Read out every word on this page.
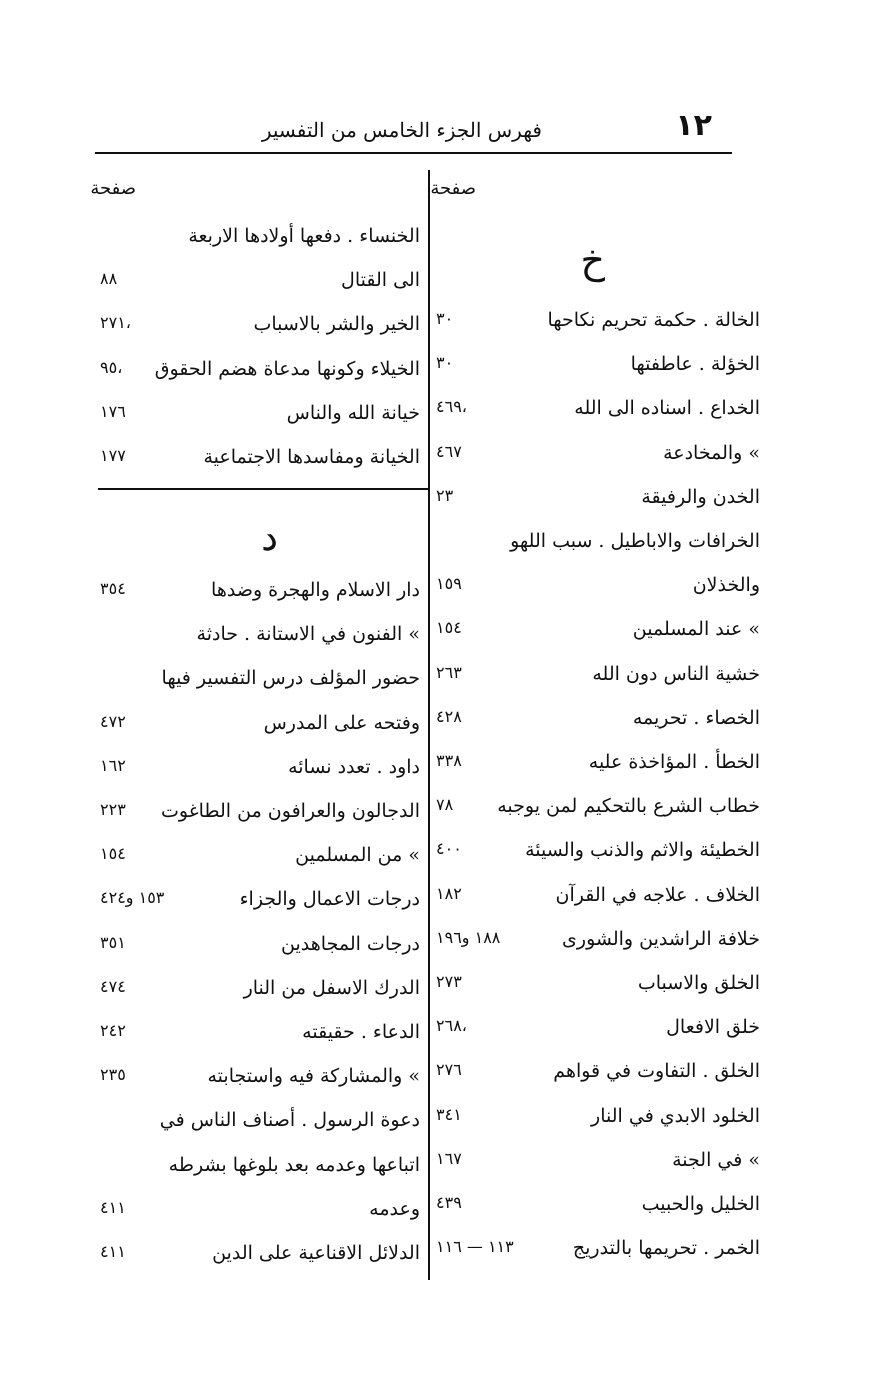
١٢
فهرس الجزء الخامس من التفسير
صفحة
صفحة
خ
الخالة . حكمة تحريم نكاحها
٣٠
الخؤلة . عاطفتها
٣٠
الخداع . اسناده الى الله
٤٦٩،
» والمخادعة
٤٦٧
الخدن والرفيقة
٢٣
الخرافات والاباطيل . سبب اللهو
والخذلان
١٥٩
» عند المسلمين
١٥٤
خشية الناس دون الله
٢٦٣
الخصاء . تحريمه
٤٢٨
الخطأ . المؤاخذة عليه
٣٣٨
خطاب الشرع بالتحكيم لمن يوجبه
٧٨
الخطيئة والاثم والذنب والسيئة
٤٠٠
الخلاف . علاجه في القرآن
١٨٢
خلافة الراشدين والشورى
١٨٨ و١٩٦
الخلق والاسباب
٢٧٣
خلق الافعال
٢٦٨،
الخلق . التفاوت في قواهم
٢٧٦
الخلود الابدي في النار
٣٤١
» في الجنة
١٦٧
الخليل والحبيب
٤٣٩
الخمر . تحريمها بالتدريج
١١٣ — ١١٦
د
الخنساء . دفعها أولادها الاربعة
الى القتال
٨٨
الخير والشر بالاسباب
٢٧١،
الخيلاء وكونها مدعاة هضم الحقوق
٩٥،
خيانة الله والناس
١٧٦
الخيانة ومفاسدها الاجتماعية
١٧٧
دار الاسلام والهجرة وضدها
٣٥٤
» الفنون في الاستانة . حادثة
حضور المؤلف درس التفسير فيها
وفتحه على المدرس
٤٧٢
داود . تعدد نسائه
١٦٢
الدجالون والعرافون من الطاغوت
٢٢٣
» من المسلمين
١٥٤
درجات الاعمال والجزاء
١٥٣ و٤٢٤
درجات المجاهدين
٣٥١
الدرك الاسفل من النار
٤٧٤
الدعاء . حقيقته
٢٤٢
» والمشاركة فيه واستجابته
٢٣٥
دعوة الرسول . أصناف الناس في
اتباعها وعدمه بعد بلوغها بشرطه
وعدمه
٤١١
الدلائل الاقناعية على الدين
٤١١
